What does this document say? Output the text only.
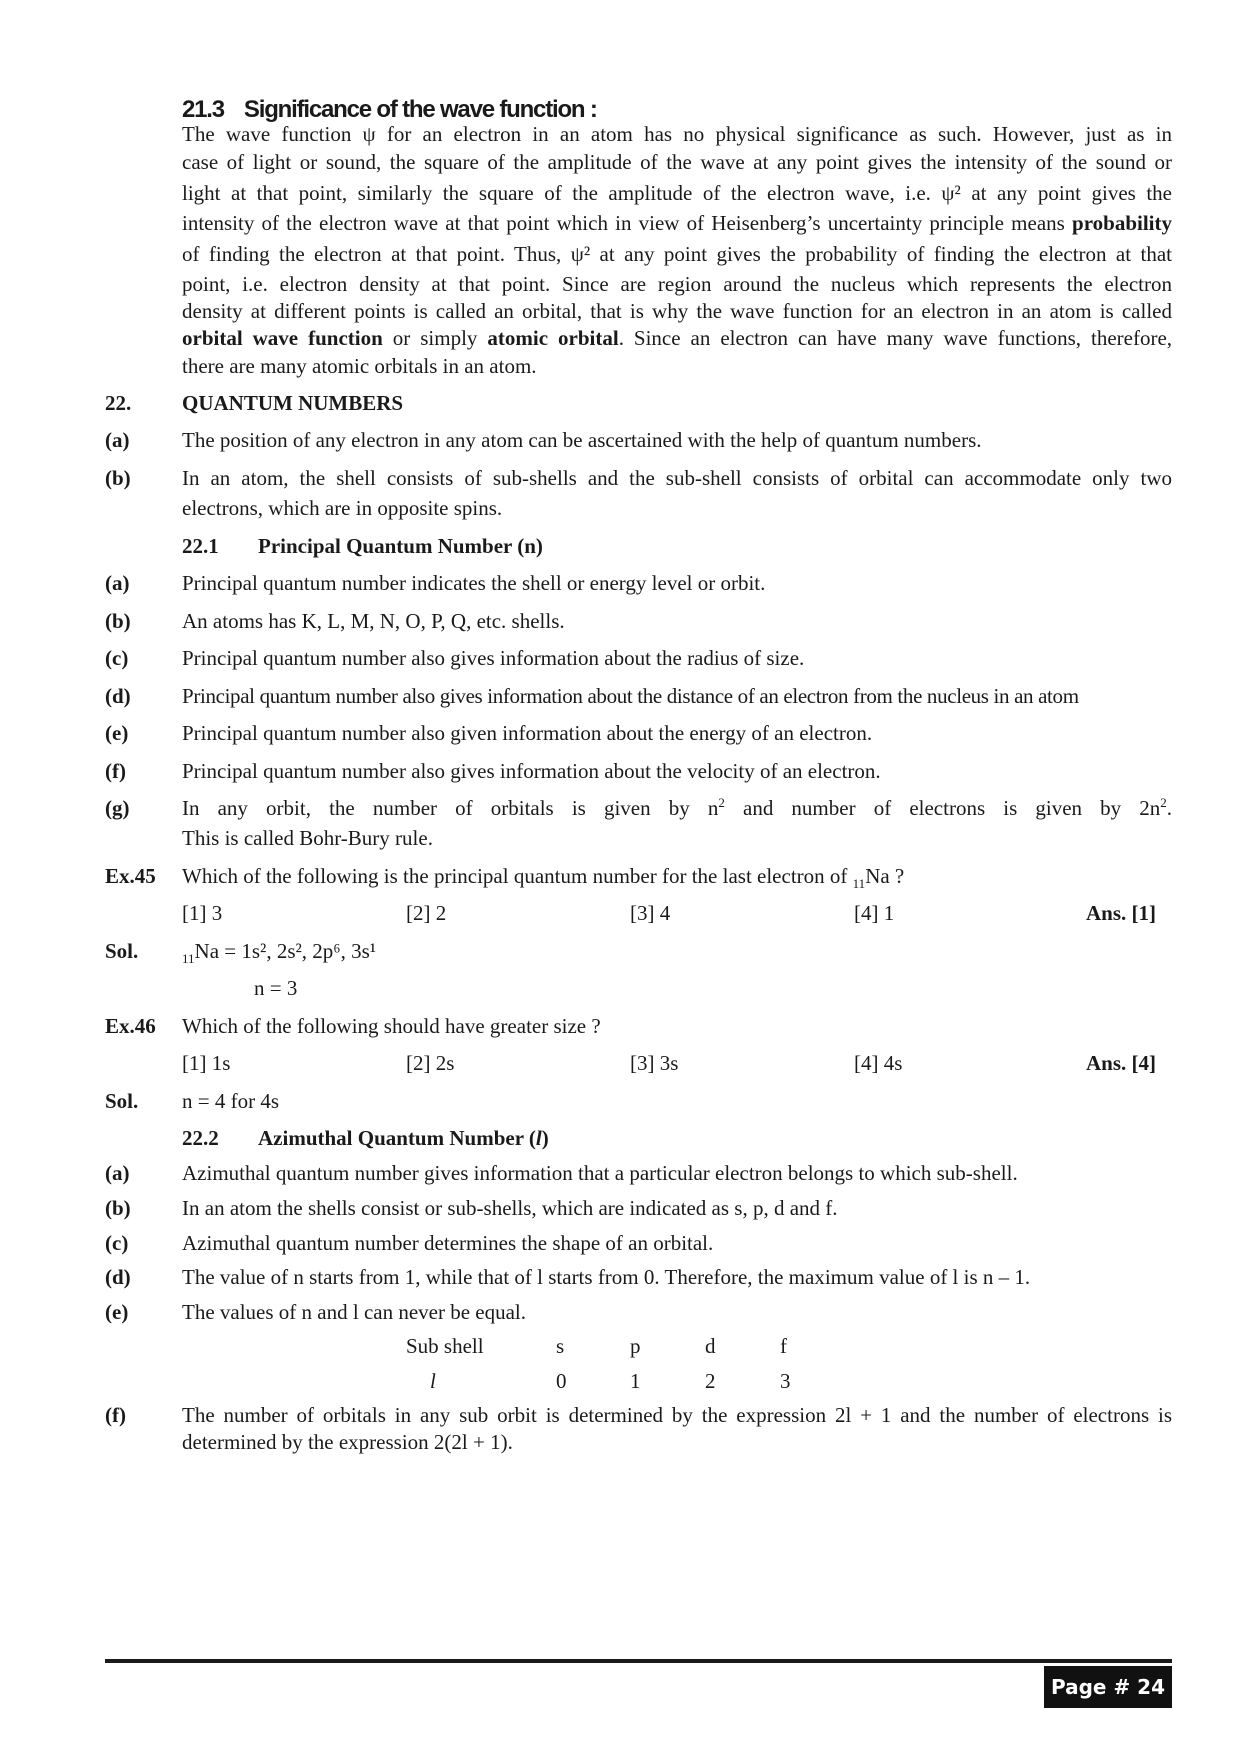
21.3 Significance of the wave function :
The wave function ψ for an electron in an atom has no physical significance as such. However, just as in
case of light or sound, the square of the amplitude of the wave at any point gives the intensity of the sound or
light at that point, similarly the square of the amplitude of the electron wave, i.e. ψ² at any point gives the
intensity of the electron wave at that point which in view of Heisenberg’s uncertainty principle means probability
of finding the electron at that point. Thus, ψ² at any point gives the probability of finding the electron at that
point, i.e. electron density at that point. Since are region around the nucleus which represents the electron
density at different points is called an orbital, that is why the wave function for an electron in an atom is called
orbital wave function or simply atomic orbital. Since an electron can have many wave functions, therefore,
there are many atomic orbitals in an atom.
22. QUANTUM NUMBERS
(a)	The position of any electron in any atom can be ascertained with the help of quantum numbers.
(b) In an atom, the shell consists of sub-shells and the sub-shell consists of orbital can accommodate only two
electrons, which are in opposite spins.
22.1 Principal Quantum Number (n)
(a)	Principal quantum number indicates the shell or energy level or orbit.
(b) An atoms has K, L, M, N, O, P, Q, etc. shells.
(c)	Principal quantum number also gives information about the radius of size.
(d) Principal quantum number also gives information about the distance of an electron from the nucleus in an atom
(e)	Principal quantum number also given information about the energy of an electron.
(f)	Principal quantum number also gives information about the velocity of an electron.
(g)	In any orbit, the number of orbitals is given by $n^2$ and number of electrons is given by $2n^2$.
This is called Bohr-Bury rule.
Ex.45 Which of the following is the principal quantum number for the last electron of $_{11}$Na ?
[1] 3	[2] 2	[3] 4	[4] 1	Ans. [1]
Sol.	$_{11}$Na = 1s², 2s², 2p⁶, 3s¹
n = 3
Ex.46 Which of the following should have greater size ?
[1] 1s	[2] 2s	[3] 3s	[4] 4s	Ans. [4]
Sol. n = 4 for 4s
22.2 Azimuthal Quantum Number (l)
(a)	Azimuthal quantum number gives information that a particular electron belongs to which sub-shell.
(b) In an atom the shells consist or sub-shells, which are indicated as s, p, d and f.
(c)	Azimuthal quantum number determines the shape of an orbital.
(d) The value of n starts from 1, while that of l starts from 0. Therefore, the maximum value of l is n – 1.
(e)	The values of n and l can never be equal.
Sub shell	s	p	d	f
l	0	1	2	3
(f)	The number of orbitals in any sub orbit is determined by the expression 2l + 1 and the number of electrons is
determined by the expression 2(2l + 1).
Page # 24
